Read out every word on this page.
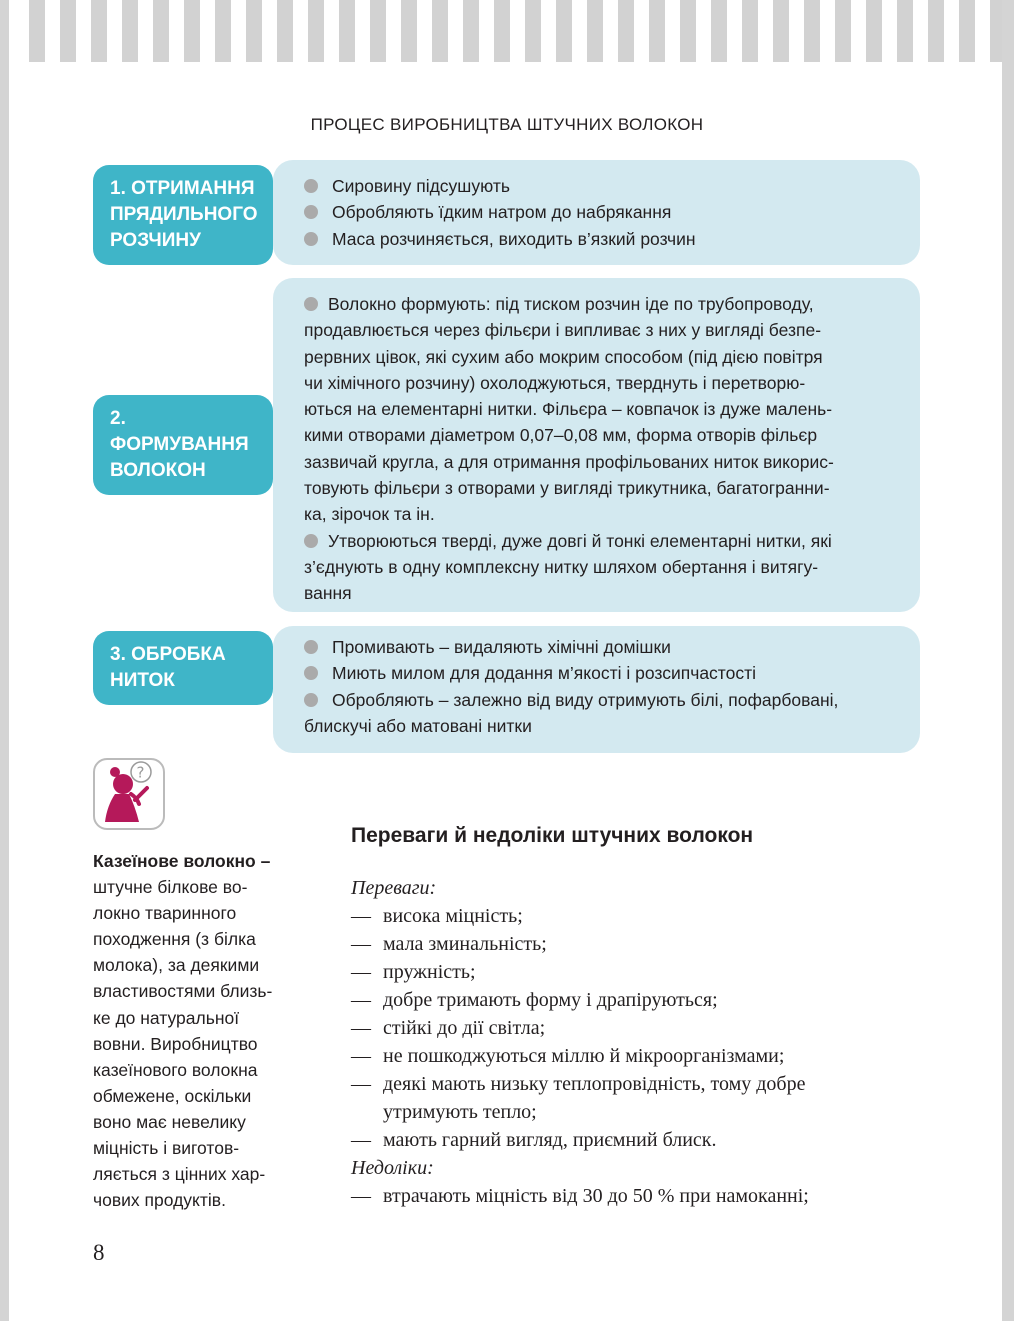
ПРОЦЕС ВИРОБНИЦТВА ШТУЧНИХ ВОЛОКОН
Сировину підсушують
Обробляють їдким натром до набрякання
Маса розчиняється, виходить в’язкий розчин
1. ОТРИМАННЯ
ПРЯДИЛЬНОГО
РОЗЧИНУ
Волокно формують: під тиском розчин іде по трубопроводу,
продавлюється через фільєри і випливає з них у вигляді безпе-
рервних цівок, які сухим або мокрим способом (під дією повітря
чи хімічного розчину) охолоджуються, тверднуть і перетворю-
ються на елементарні нитки. Фільєра – ковпачок із дуже малень-
кими отворами діаметром 0,07–0,08 мм, форма отворів фільєр
зазвичай кругла, а для отримання профільованих ниток викорис-
товують фільєри з отворами у вигляді трикутника, багатогранни-
ка, зірочок та ін.
Утворюються тверді, дуже довгі й тонкі елементарні нитки, які
з’єднують в одну комплексну нитку шляхом обертання і витягу-
вання
2. ФОРМУВАННЯ
ВОЛОКОН
Промивають – видаляють хімічні домішки
Миють милом для додання м’якості і розсипчастості
Обробляють – залежно від виду отримують білі, пофарбовані,
блискучі або матовані нитки
3. ОБРОБКА
НИТОК
?
Казеїнове волокно –
штучне білкове во-
локно тваринного
походження (з білка
молока), за деякими
властивостями близь-
ке до натуральної
вовни. Виробництво
казеїнового волокна
обмежене, оскільки
воно має невелику
міцність і виготов-
ляється з цінних хар-
чових продуктів.
Переваги й недоліки штучних волокон
Переваги:
— висока міцність;
— мала зминальність;
— пружність;
— добре тримають форму і драпіруються;
— стійкі до дії світла;
— не пошкоджуються міллю й мікроорганізмами;
— деякі мають низьку теплопровідність, тому добре
утримують тепло;
— мають гарний вигляд, приємний блиск.
Недоліки:
— втрачають міцність від 30 до 50 % при намоканні;
8
